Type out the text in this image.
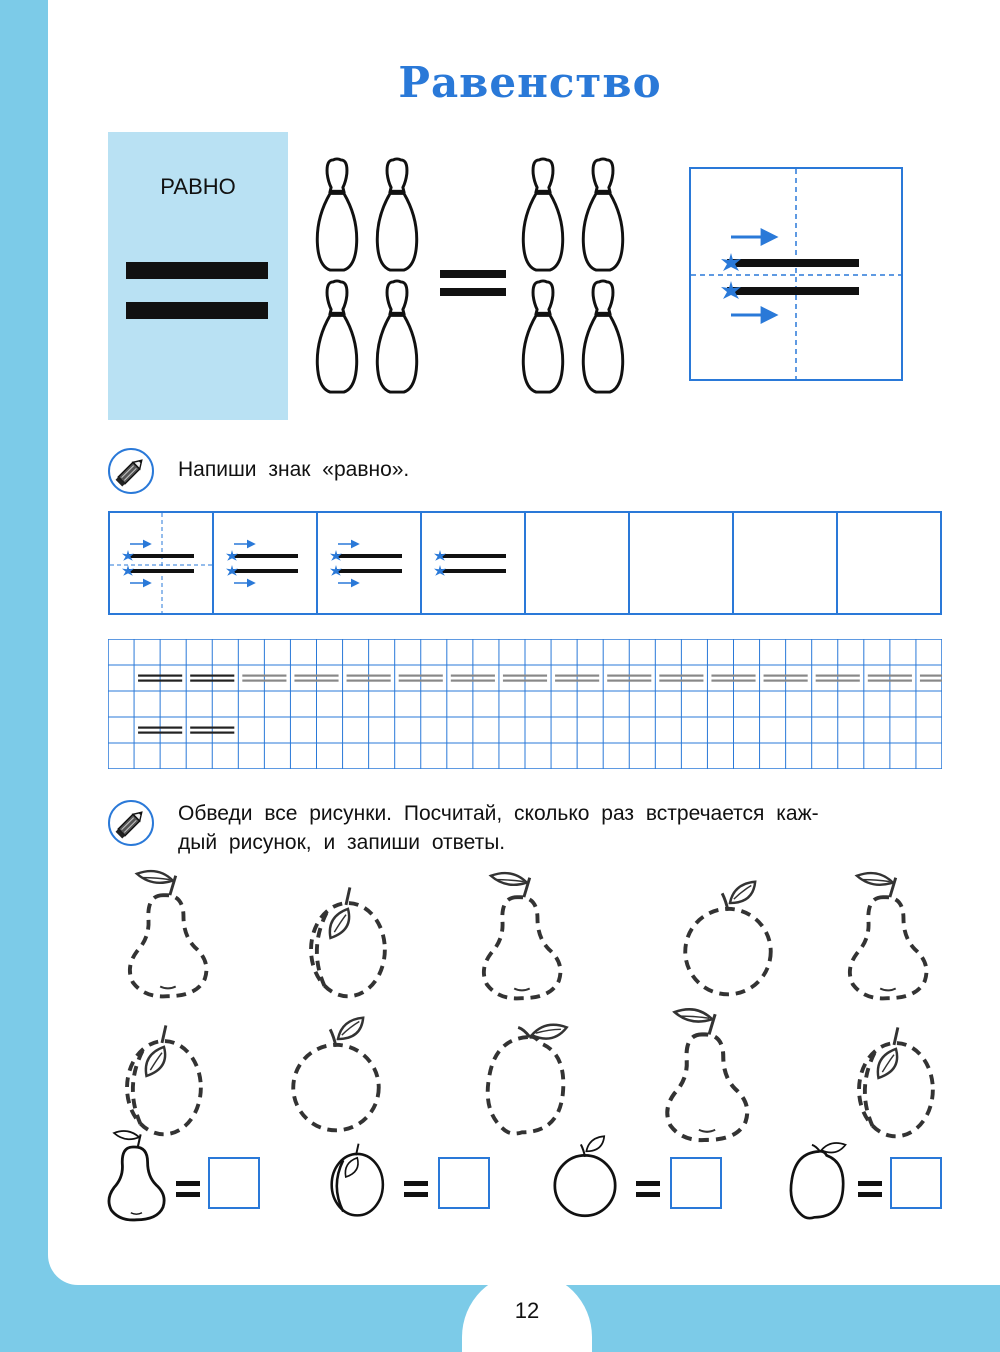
Равенство
РАВНО
Напиши знак «равно».
Обведи все рисунки. Посчитай, сколько раз встречается каж-
дый рисунок, и запиши ответы.
12
